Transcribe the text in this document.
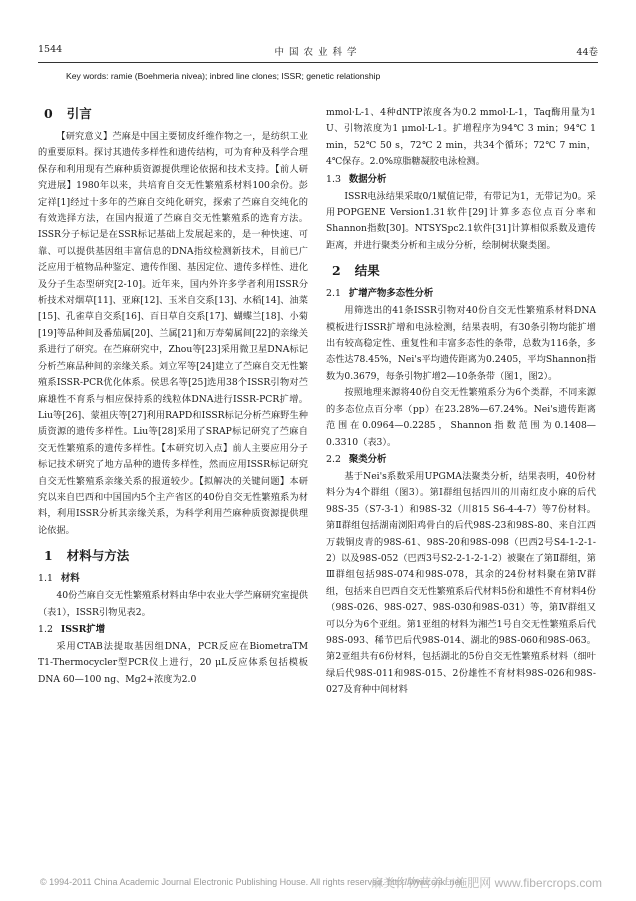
1544	中国农业科学	44卷
Key words: ramie (Boehmeria nivea); inbred line clones; ISSR; genetic relationship
0 引言

【研究意义】苎麻是中国主要韧皮纤维作物之一，是纺织工业的重要原料。探讨其遗传多样性和遗传结构，可为育种及科学合理保存和利用现有苎麻种质资源提供理论依据和技术支持。【前人研究进展】1980年以来，共培育自交无性繁殖系材料100余份。彭定祥[1]经过十多年的苎麻自交纯化研究，探索了苎麻自交纯化的有效选择方法，在国内报道了苎麻自交无性繁殖系的选育方法。ISSR分子标记是在SSR标记基础上发展起来的，是一种快速、可靠、可以提供基因组丰富信息的DNA指纹检测新技术，目前已广泛应用于植物品种鉴定、遗传作图、基因定位、遗传多样性、进化及分子生态型研究[2-10]。近年来，国内外许多学者利用ISSR分析技术对烟草[11]、亚麻[12]、玉米自交系[13]、水稻[14]、油菜[15]、孔雀草自交系[16]、百日草自交系[17]、蝴蝶兰[18]、小菊[19]等品种间及番茄属[20]、兰属[21]和万寿菊属间[22]的亲缘关系进行了研究。在苎麻研究中，Zhou等[23]采用微卫星DNA标记分析苎麻品种间的亲缘关系。刘立军等[24]建立了苎麻自交无性繁殖系ISSR-PCR优化体系。侯思名等[25]选用38个ISSR引物对苎麻雄性不育系与相应保持系的线粒体DNA进行ISSR-PCR扩增。Liu等[26]、蒙祖庆等[27]利用RAPD和ISSR标记分析苎麻野生种质资源的遗传多样性。Liu等[28]采用了SRAP标记研究了苎麻自交无性繁殖系的遗传多样性。【本研究切入点】前人主要应用分子标记技术研究了地方品种的遗传多样性，然而应用ISSR标记研究自交无性繁殖系亲缘关系的报道较少。【拟解决的关键问题】本研究以来自巴西和中国国内5个主产省区的40份自交无性繁殖系为材料，利用ISSR分析其亲缘关系，为科学利用苎麻种质资源提供理论依据。

1 材料与方法
1.1 材料

40份苎麻自交无性繁殖系材料由华中农业大学苎麻研究室提供（表1），ISSR引物见表2。

1.2 ISSR扩增

采用CTAB法提取基因组DNA，PCR反应在BiometraTM T1-Thermocycler型PCR仪上进行，20 μL反应体系包括模板DNA 60—100 ng、Mg2+浓度为2.0

mmol·L-1、4种dNTP浓度各为0.2 mmol·L-1，Taq酶用量为1 U、引物浓度为1 μmol·L-1。扩增程序为94℃ 3 min；94℃ 1 min，52℃ 50 s，72℃ 2 min，共34个循环；72℃ 7 min，4℃保存。2.0%琼脂糖凝胶电泳检测。

1.3 数据分析

ISSR电泳结果采取0/1赋值记带，有带记为1，无带记为0。采用POPGENE Version1.31软件[29]计算多态位点百分率和Shannon指数[30]。NTSYSpc2.1软件[31]计算相似系数及遗传距离，并进行聚类分析和主成分分析，绘制树状聚类图。

2 结果
2.1 扩增产物多态性分析

用筛选出的41条ISSR引物对40份自交无性繁殖系材料DNA模板进行ISSR扩增和电泳检测，结果表明，有30条引物均能扩增出有较高稳定性、重复性和丰富多态性的条带，总数为116条，多态性达78.45%，Nei's平均遗传距离为0.2405，平均Shannon指数为0.3679，每条引物扩增2—10条条带（图1，图2）。

按照地理来源将40份自交无性繁殖系分为6个类群，不同来源的多态位点百分率（pp）在23.28%—67.24%。Nei's遗传距离范围在0.0964—0.2285，Shannon指数范围为0.1408—0.3310（表3）。

2.2 聚类分析

基于Nei's系数采用UPGMA法聚类分析，结果表明，40份材料分为4个群组（图3）。第Ⅰ群组包括四川的川南红皮小麻的后代98S-35（S7-3-1）和98S-32（川815 S6-4-4-7）等7份材料。第Ⅱ群组包括湖南浏阳鸡骨白的后代98S-23和98S-80、来自江西万载铜皮青的98S-61、98S-20和98S-098（巴西2号S4-1-2-1-2）以及98S-052（巴西3号S2-2-1-2-1-2）被聚在了第Ⅱ群组，第Ⅲ群组包括98S-074和98S-078，其余的24份材料聚在第Ⅳ群组，包括来自巴西自交无性繁殖系后代材料5份和雄性不育材料4份（98S-026、98S-027、98S-030和98S-031）等，第Ⅳ群组又可以分为6个亚组。第1亚组的材料为湘苎1号自交无性繁殖系后代98S-093、稀节巴后代98S-014、湖北的98S-060和98S-063。第2亚组共有6份材料，包括湖北的5份自交无性繁殖系材料（细叶绿后代98S-011和98S-015、2份雄性不育材料98S-026和98S-027及育种中间材料

© 1994-2011 China Academic Journal Electronic Publishing House. All rights reserved. http://www.cnki.net
麻类作物营养与施肥网 www.fibercrops.com
